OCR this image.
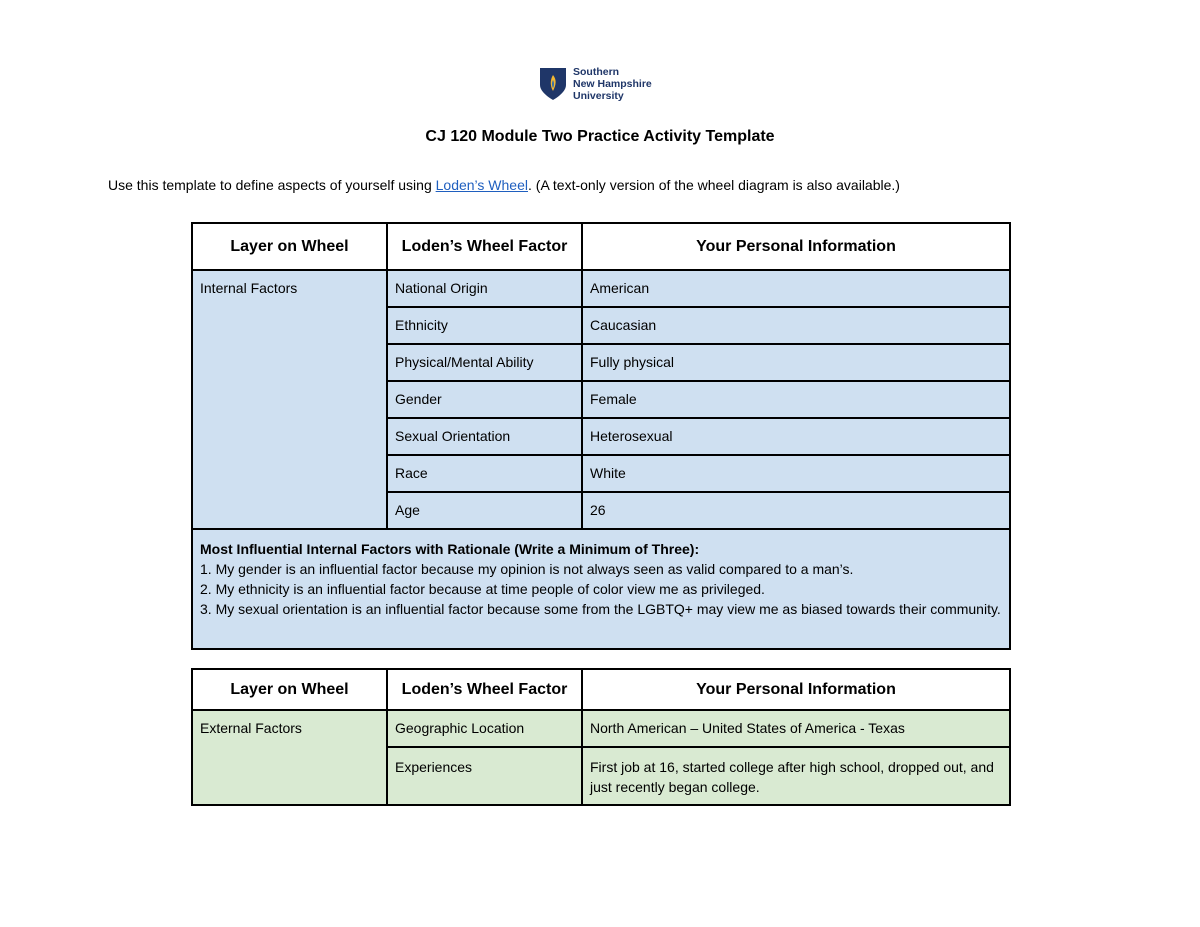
Southern
New Hampshire
University
CJ 120 Module Two Practice Activity Template
Use this template to define aspects of yourself using Loden’s Wheel. (A text-only version of the wheel diagram is also available.)
Layer on Wheel	Loden’s Wheel Factor	Your Personal Information
Internal Factors	National Origin	American
	Ethnicity	Caucasian
	Physical/Mental Ability	Fully physical
	Gender	Female
	Sexual Orientation	Heterosexual
	Race	White
	Age	26

Most Influential Internal Factors with Rationale (Write a Minimum of Three):
1. My gender is an influential factor because my opinion is not always seen as valid compared to a man’s.
2. My ethnicity is an influential factor because at time people of color view me as privileged.
3. My sexual orientation is an influential factor because some from the LGBTQ+ may view me as biased towards their community.		
Layer on Wheel	Loden’s Wheel Factor	Your Personal Information
External Factors	Geographic Location	North American – United States of America - Texas
	Experiences	First job at 16, started college after high school, dropped out, and just recently began college.
